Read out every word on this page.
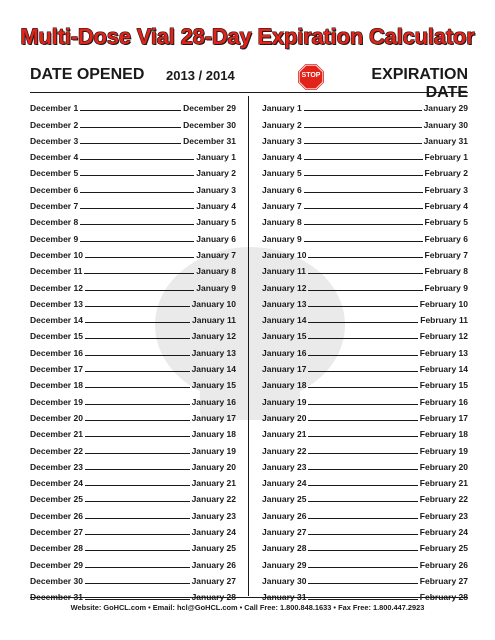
Multi-Dose Vial 28-Day Expiration Calculator
DATE OPENED 2013 / 2014	STOP	EXPIRATION DATE
December 1	December 29
December 2	December 30
December 3	December 31
December 4	January 1
December 5	January 2
December 6	January 3
December 7	January 4
December 8	January 5
December 9	January 6
December 10	January 7
December 11	January 8
December 12	January 9
December 13	January 10
December 14	January 11
December 15	January 12
December 16	January 13
December 17	January 14
December 18	January 15
December 19	January 16
December 20	January 17
December 21	January 18
December 22	January 19
December 23	January 20
December 24	January 21
December 25	January 22
December 26	January 23
December 27	January 24
December 28	January 25
December 29	January 26
December 30	January 27
December 31	January 28
January 1	January 29
January 2	January 30
January 3	January 31
January 4	February 1
January 5	February 2
January 6	February 3
January 7	February 4
January 8	February 5
January 9	February 6
January 10	February 7
January 11	February 8
January 12	February 9
January 13	February 10
January 14	February 11
January 15	February 12
January 16	February 13
January 17	February 14
January 18	February 15
January 19	February 16
January 20	February 17
January 21	February 18
January 22	February 19
January 23	February 20
January 24	February 21
January 25	February 22
January 26	February 23
January 27	February 24
January 28	February 25
January 29	February 26
January 30	February 27
January 31	February 28
Website: GoHCL.com • Email: hcl@GoHCL.com • Call Free: 1.800.848.1633 • Fax Free: 1.800.447.2923
